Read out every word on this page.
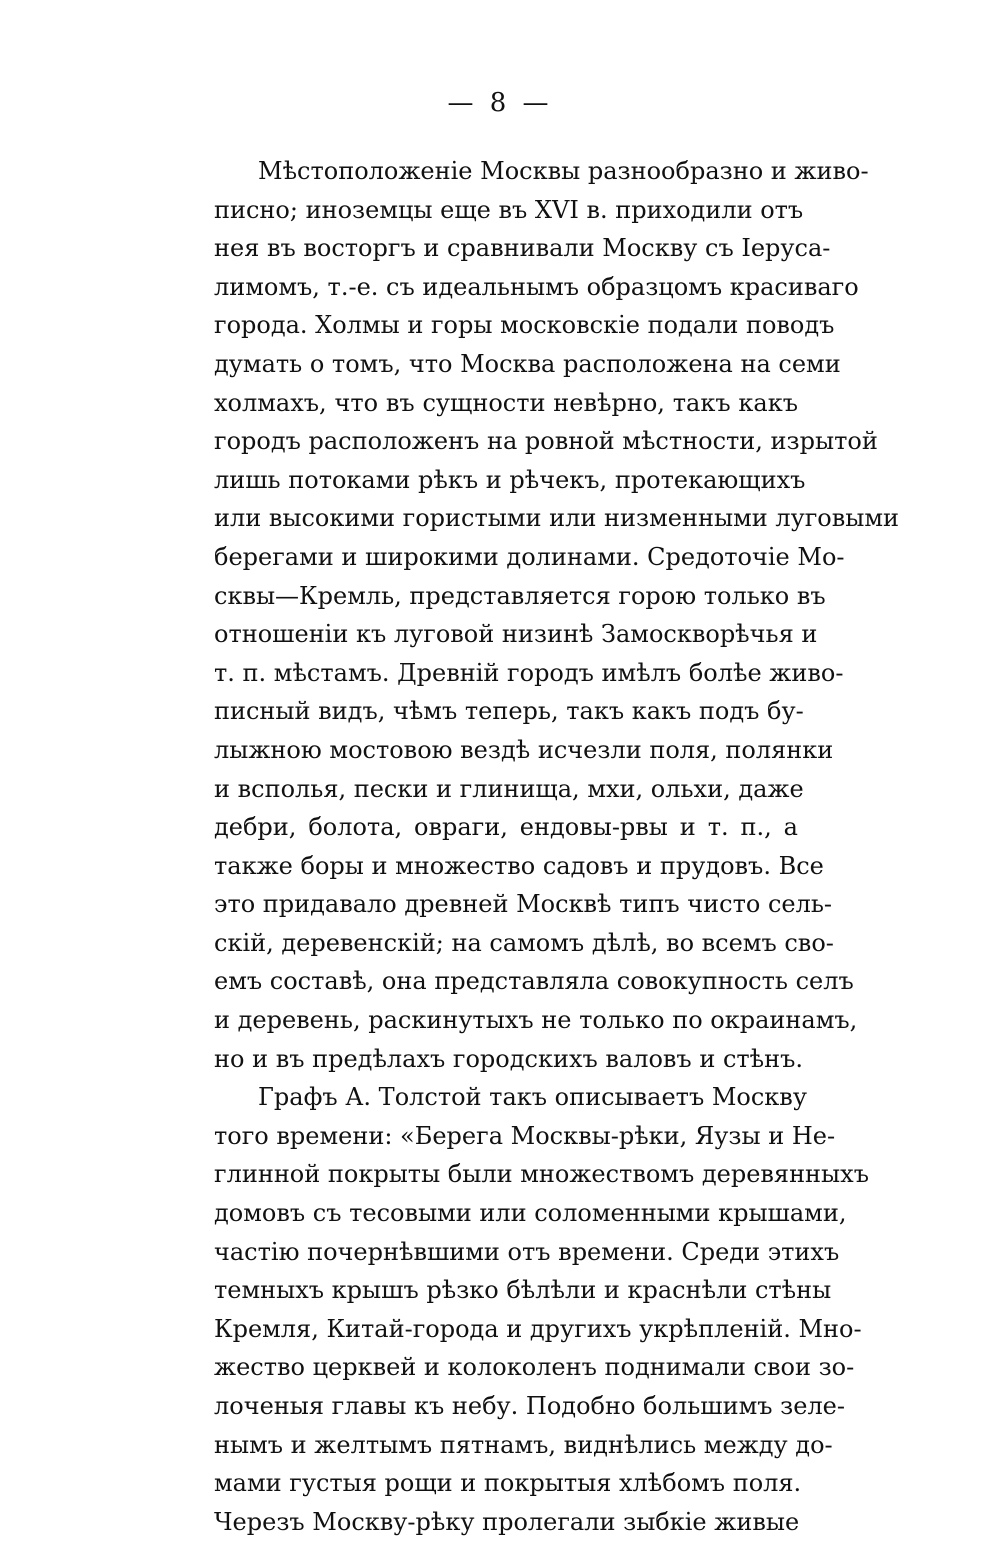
— 8 —
Мѣстоположеніе Москвы разнообразно и живо-
писно; иноземцы еще въ XVI в. приходили отъ
нея въ восторгъ и сравнивали Москву съ Іеруса-
лимомъ, т.-е. съ идеальнымъ образцомъ красиваго
города. Холмы и горы московскіе подали поводъ
думать о томъ, что Москва расположена на семи
холмахъ, что въ сущности невѣрно, такъ какъ
городъ расположенъ на ровной мѣстности, изрытой
лишь потоками рѣкъ и рѣчекъ, протекающихъ
или высокими гористыми или низменными луговыми
берегами и широкими долинами. Средоточіе Мо-
сквы—Кремль, представляется горою только въ
отношеніи къ луговой низинѣ Замоскворѣчья и
т. п. мѣстамъ. Древній городъ имѣлъ болѣе живо-
писный видъ, чѣмъ теперь, такъ какъ подъ бу-
лыжною мостовою вездѣ исчезли поля, полянки
и всполья, пески и глинища, мхи, ольхи, даже
дебри, болота, овраги, ендовы-рвы и т. п., а
также боры и множество садовъ и прудовъ. Все
это придавало древней Москвѣ типъ чисто сель-
скій, деревенскій; на самомъ дѣлѣ, во всемъ сво-
емъ составѣ, она представляла совокупность селъ
и деревень, раскинутыхъ не только по окраинамъ,
но и въ предѣлахъ городскихъ валовъ и стѣнъ.
Графъ А. Толстой такъ описываетъ Москву
того времени: «Берега Москвы-рѣки, Яузы и Не-
глинной покрыты были множествомъ деревянныхъ
домовъ съ тесовыми или соломенными крышами,
частію почернѣвшими отъ времени. Среди этихъ
темныхъ крышъ рѣзко бѣлѣли и краснѣли стѣны
Кремля, Китай-города и другихъ укрѣпленій. Мно-
жество церквей и колоколенъ поднимали свои зо-
лоченыя главы къ небу. Подобно большимъ зеле-
нымъ и желтымъ пятнамъ, виднѣлись между до-
мами густыя рощи и покрытыя хлѣбомъ поля.
Черезъ Москву-рѣку пролегали зыбкіе живые
